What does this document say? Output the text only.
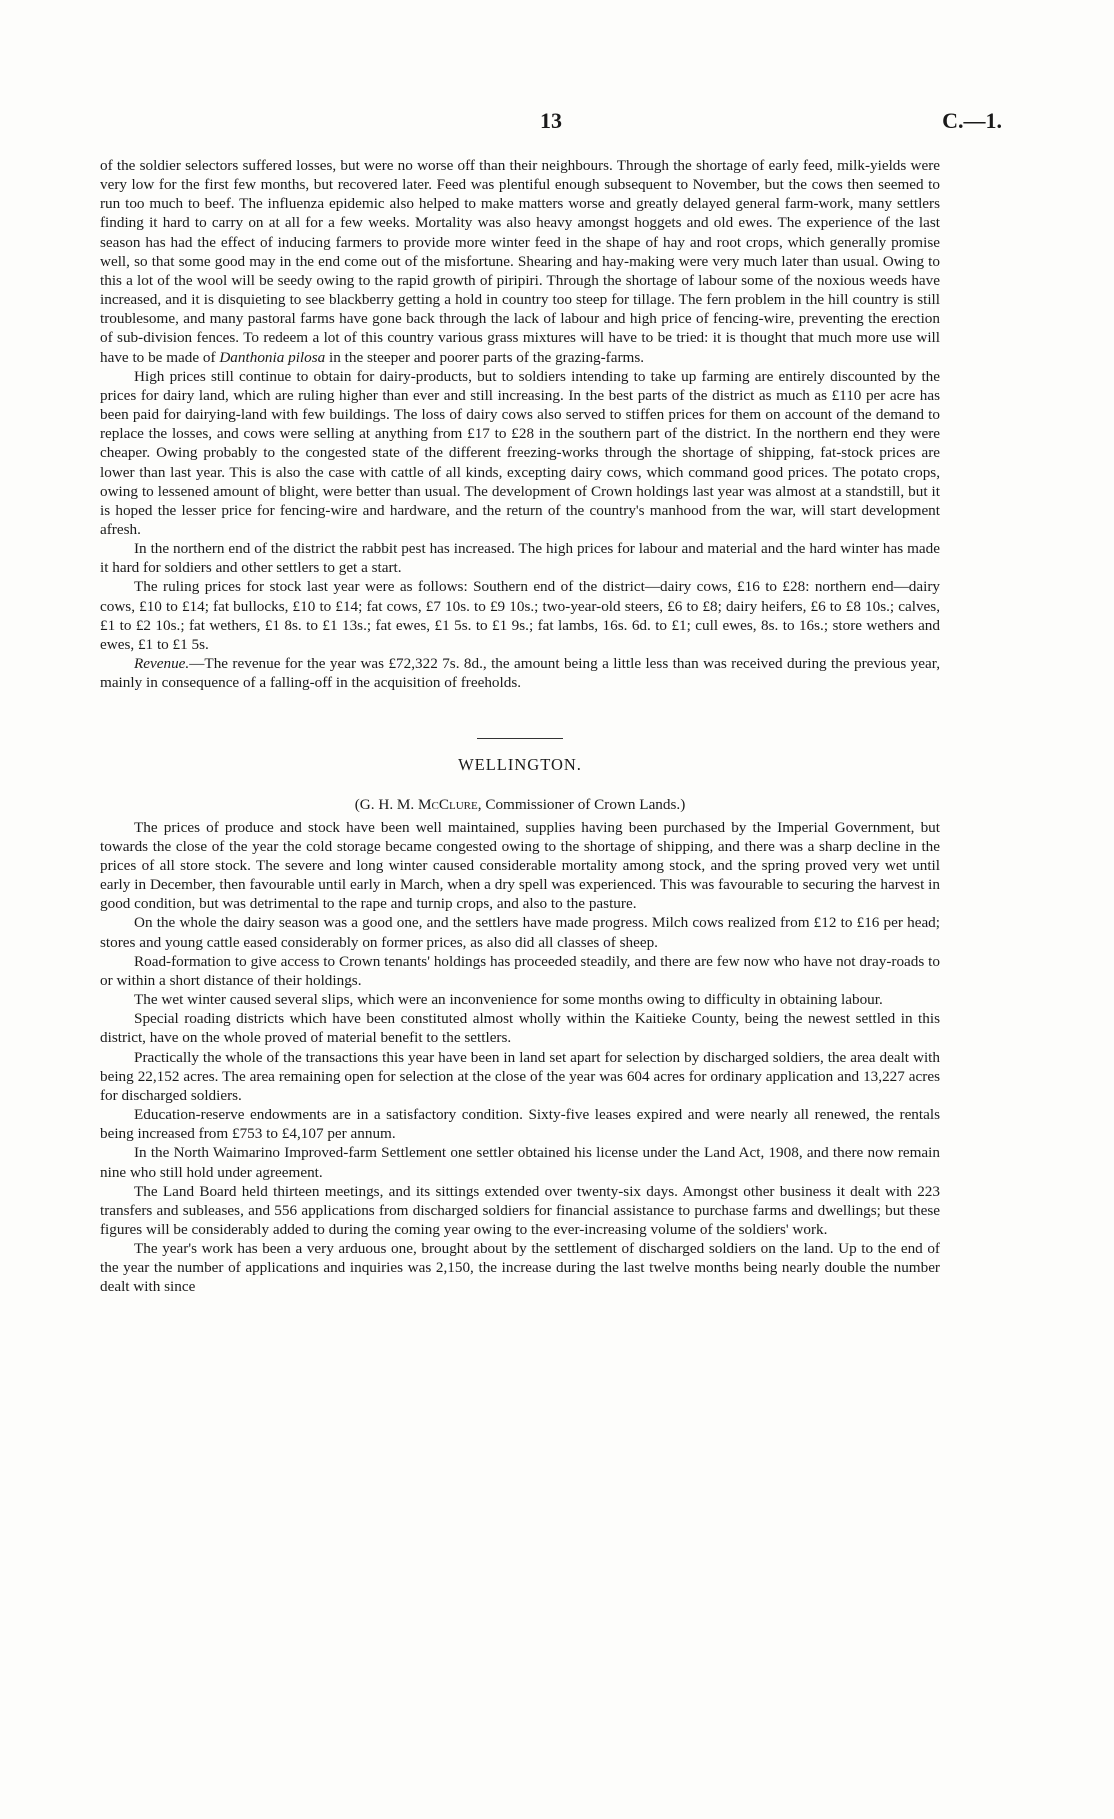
13	C.—1.

of the soldier selectors suffered losses, but were no worse off than their neighbours. Through the shortage of early feed, milk-yields were very low for the first few months, but recovered later. Feed was plentiful enough subsequent to November, but the cows then seemed to run too much to beef. The influenza epidemic also helped to make matters worse and greatly delayed general farm-work, many settlers finding it hard to carry on at all for a few weeks. Mortality was also heavy amongst hoggets and old ewes. The experience of the last season has had the effect of inducing farmers to provide more winter feed in the shape of hay and root crops, which generally promise well, so that some good may in the end come out of the misfortune. Shearing and hay-making were very much later than usual. Owing to this a lot of the wool will be seedy owing to the rapid growth of piripiri. Through the shortage of labour some of the noxious weeds have increased, and it is disquieting to see blackberry getting a hold in country too steep for tillage. The fern problem in the hill country is still troublesome, and many pastoral farms have gone back through the lack of labour and high price of fencing-wire, preventing the erection of sub-division fences. To redeem a lot of this country various grass mixtures will have to be tried: it is thought that much more use will have to be made of Danthonia pilosa in the steeper and poorer parts of the grazing-farms.

High prices still continue to obtain for dairy-products, but to soldiers intending to take up farming are entirely discounted by the prices for dairy land, which are ruling higher than ever and still increasing. In the best parts of the district as much as £110 per acre has been paid for dairying-land with few buildings. The loss of dairy cows also served to stiffen prices for them on account of the demand to replace the losses, and cows were selling at anything from £17 to £28 in the southern part of the district. In the northern end they were cheaper. Owing probably to the congested state of the different freezing-works through the shortage of shipping, fat-stock prices are lower than last year. This is also the case with cattle of all kinds, excepting dairy cows, which command good prices. The potato crops, owing to lessened amount of blight, were better than usual. The development of Crown holdings last year was almost at a standstill, but it is hoped the lesser price for fencing-wire and hardware, and the return of the country's manhood from the war, will start development afresh.

In the northern end of the district the rabbit pest has increased. The high prices for labour and material and the hard winter has made it hard for soldiers and other settlers to get a start.

The ruling prices for stock last year were as follows: Southern end of the district—dairy cows, £16 to £28: northern end—dairy cows, £10 to £14; fat bullocks, £10 to £14; fat cows, £7 10s. to £9 10s.; two-year-old steers, £6 to £8; dairy heifers, £6 to £8 10s.; calves, £1 to £2 10s.; fat wethers, £1 8s. to £1 13s.; fat ewes, £1 5s. to £1 9s.; fat lambs, 16s. 6d. to £1; cull ewes, 8s. to 16s.; store wethers and ewes, £1 to £1 5s.

Revenue.—The revenue for the year was £72,322 7s. 8d., the amount being a little less than was received during the previous year, mainly in consequence of a falling-off in the acquisition of freeholds.

WELLINGTON.
(G. H. M. McClure, Commissioner of Crown Lands.)

The prices of produce and stock have been well maintained, supplies having been purchased by the Imperial Government, but towards the close of the year the cold storage became congested owing to the shortage of shipping, and there was a sharp decline in the prices of all store stock. The severe and long winter caused considerable mortality among stock, and the spring proved very wet until early in December, then favourable until early in March, when a dry spell was experienced. This was favourable to securing the harvest in good condition, but was detrimental to the rape and turnip crops, and also to the pasture.

On the whole the dairy season was a good one, and the settlers have made progress. Milch cows realized from £12 to £16 per head; stores and young cattle eased considerably on former prices, as also did all classes of sheep.

Road-formation to give access to Crown tenants' holdings has proceeded steadily, and there are few now who have not dray-roads to or within a short distance of their holdings.

The wet winter caused several slips, which were an inconvenience for some months owing to difficulty in obtaining labour.

Special roading districts which have been constituted almost wholly within the Kaitieke County, being the newest settled in this district, have on the whole proved of material benefit to the settlers.

Practically the whole of the transactions this year have been in land set apart for selection by discharged soldiers, the area dealt with being 22,152 acres. The area remaining open for selection at the close of the year was 604 acres for ordinary application and 13,227 acres for discharged soldiers.

Education-reserve endowments are in a satisfactory condition. Sixty-five leases expired and were nearly all renewed, the rentals being increased from £753 to £4,107 per annum.

In the North Waimarino Improved-farm Settlement one settler obtained his license under the Land Act, 1908, and there now remain nine who still hold under agreement.

The Land Board held thirteen meetings, and its sittings extended over twenty-six days. Amongst other business it dealt with 223 transfers and subleases, and 556 applications from discharged soldiers for financial assistance to purchase farms and dwellings; but these figures will be considerably added to during the coming year owing to the ever-increasing volume of the soldiers' work.

The year's work has been a very arduous one, brought about by the settlement of discharged soldiers on the land. Up to the end of the year the number of applications and inquiries was 2,150, the increase during the last twelve months being nearly double the number dealt with since
